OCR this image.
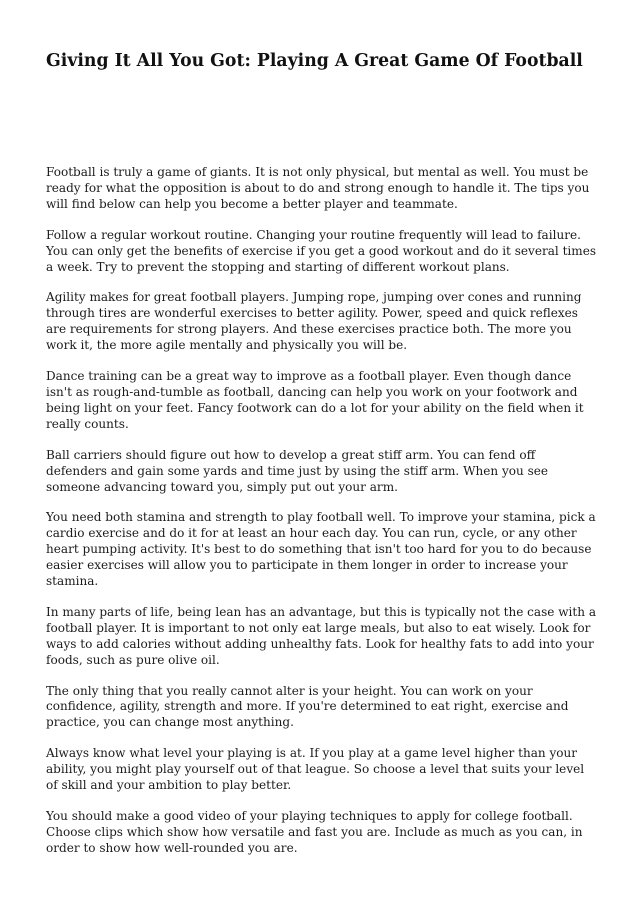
Giving It All You Got: Playing A Great Game Of Football

Football is truly a game of giants. It is not only physical, but mental as well. You must be ready for what the opposition is about to do and strong enough to handle it. The tips you will find below can help you become a better player and teammate.

Follow a regular workout routine. Changing your routine frequently will lead to failure. You can only get the benefits of exercise if you get a good workout and do it several times a week. Try to prevent the stopping and starting of different workout plans.

Agility makes for great football players. Jumping rope, jumping over cones and running through tires are wonderful exercises to better agility. Power, speed and quick reflexes are requirements for strong players. And these exercises practice both. The more you work it, the more agile mentally and physically you will be.

Dance training can be a great way to improve as a football player. Even though dance isn't as rough-and-tumble as football, dancing can help you work on your footwork and being light on your feet. Fancy footwork can do a lot for your ability on the field when it really counts.

Ball carriers should figure out how to develop a great stiff arm. You can fend off defenders and gain some yards and time just by using the stiff arm. When you see someone advancing toward you, simply put out your arm.

You need both stamina and strength to play football well. To improve your stamina, pick a cardio exercise and do it for at least an hour each day. You can run, cycle, or any other heart pumping activity. It's best to do something that isn't too hard for you to do because easier exercises will allow you to participate in them longer in order to increase your stamina.

In many parts of life, being lean has an advantage, but this is typically not the case with a football player. It is important to not only eat large meals, but also to eat wisely. Look for ways to add calories without adding unhealthy fats. Look for healthy fats to add into your foods, such as pure olive oil.

The only thing that you really cannot alter is your height. You can work on your confidence, agility, strength and more. If you're determined to eat right, exercise and practice, you can change most anything.

Always know what level your playing is at. If you play at a game level higher than your ability, you might play yourself out of that league. So choose a level that suits your level of skill and your ambition to play better.

You should make a good video of your playing techniques to apply for college football. Choose clips which show how versatile and fast you are. Include as much as you can, in order to show how well-rounded you are.
